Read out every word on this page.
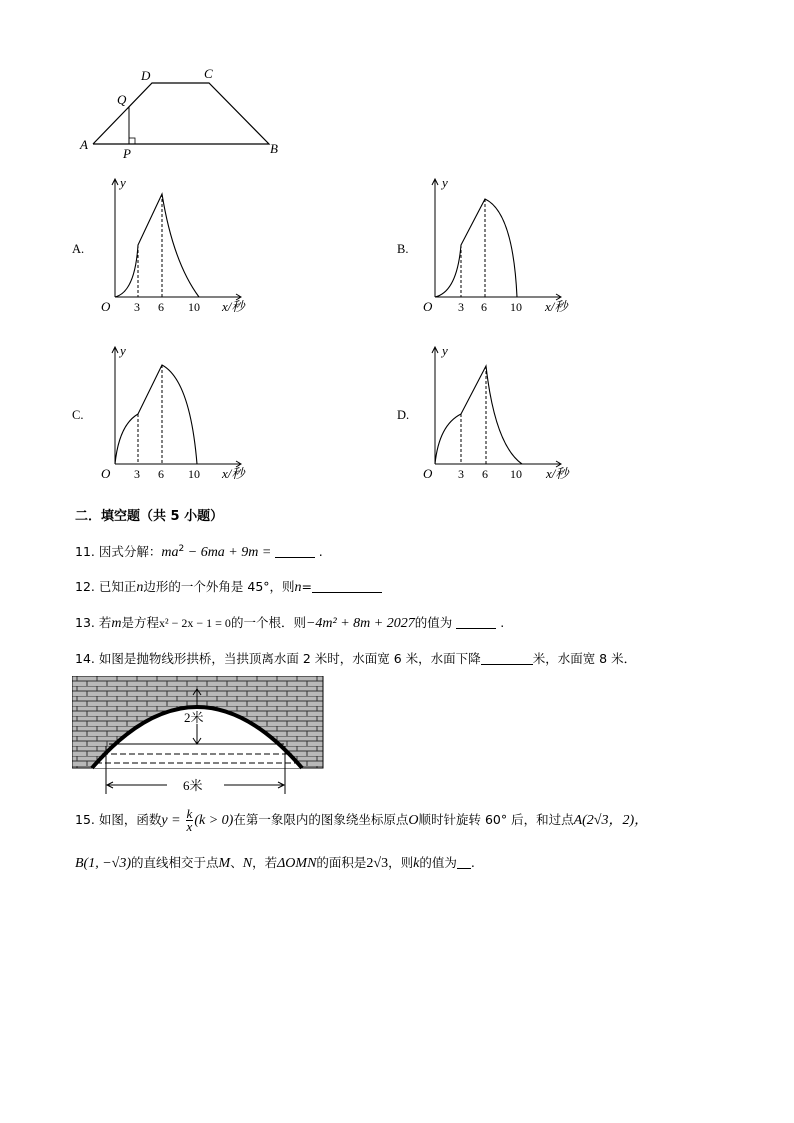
A	B
C
D
P
Q
A.
y
O 3 6 10 x/秒
B.
y
O 3 6 10 x/秒
C.
y
O 3 6 10 x/秒
D.
y
O 3 6 10 x/秒
二．填空题（共 5 小题）
11. 因式分解：$ma^2 - 6ma + 9m$ =	.
12. 已知正n边形的一个外角是 45°，则n=
13. 若m是方程x² − 2x − 1 = 0的一个根．则−4m² + 8m + 2027的值为	.
14. 如图是抛物线形拱桥，当拱顶离水面 2 米时，水面宽 6 米，水面下降	米，水面宽 8 米．
2米
6米
15. 如图，函数$y = \frac{k}{x} (k > 0)$在第一象限内的图象绕坐标原点O顺时针旋转 60° 后，和过点A(2√3，2)，
B(1, −√3)的直线相交于点M、N，若ΔOMN的面积是2√3，则k的值为 .
